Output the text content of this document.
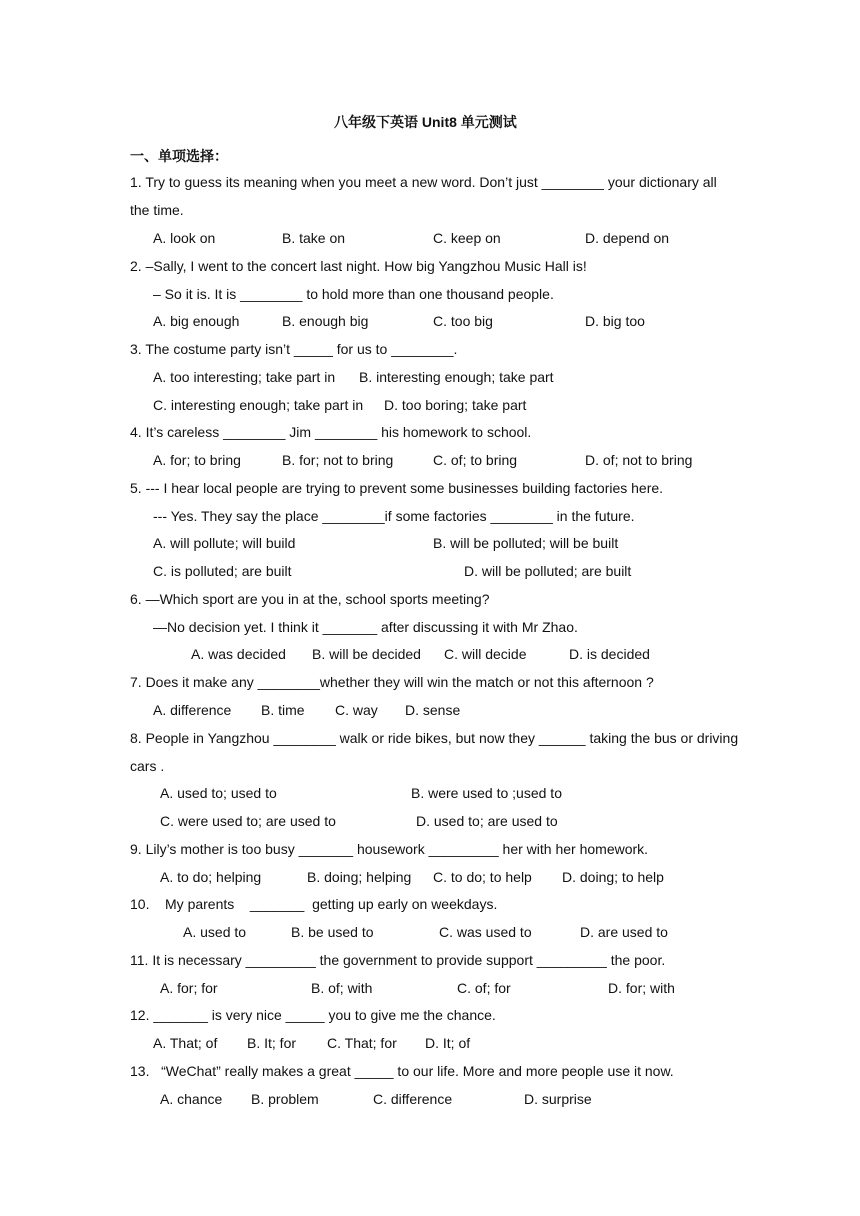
八年级下英语 Unit8 单元测试
一、单项选择：
1. Try to guess its meaning when you meet a new word. Don’t just ________ your dictionary all
the time.
A. look on	B. take on	C. keep on	D. depend on
2. –Sally, I went to the concert last night. How big Yangzhou Music Hall is!
– So it is. It is ________ to hold more than one thousand people.
A. big enough	B. enough big	C. too big	D. big too
3. The costume party isn’t _____ for us to ________.
A. too interesting; take part in B. interesting enough; take part
C. interesting enough; take part in D. too boring; take part
4. It’s careless ________ Jim ________ his homework to school.
A. for; to bring	B. for; not to bring	C. of; to bring	D. of; not to bring
5. --- I hear local people are trying to prevent some businesses building factories here.
--- Yes. They say the place ________if some factories ________ in the future.
A. will pollute; will build	B. will be polluted; will be built
C. is polluted; are built	D. will be polluted; are built
6. —Which sport are you in at the, school sports meeting?
—No decision yet. I think it _______ after discussing it with Mr Zhao.
A. was decided B. will be decided C. will decide	D. is decided
7. Does it make any ________whether they will win the match or not this afternoon ?
A. difference B. time C. way D. sense
8. People in Yangzhou ________ walk or ride bikes, but now they ______ taking the bus or driving
cars .
A. used to; used to	B. were used to ;used to
C. were used to; are used to	D. used to; are used to
9. Lily’s mother is too busy _______ housework _________ her with her homework.
A. to do; helping	B. doing; helping C. to do; to help D. doing; to help
10.    My parents    _______  getting up early on weekdays.
A. used to	B. be used to	C. was used to	D. are used to
11. It is necessary _________ the government to provide support _________ the poor.
A. for; for	B. of; with	C. of; for	D. for; with
12. _______ is very nice _____ you to give me the chance.
A. That; of B. It; for C. That; for D. It; of
13.   “WeChat” really makes a great _____ to our life. More and more people use it now.
A. chance B. problem	C. difference	D. surprise
